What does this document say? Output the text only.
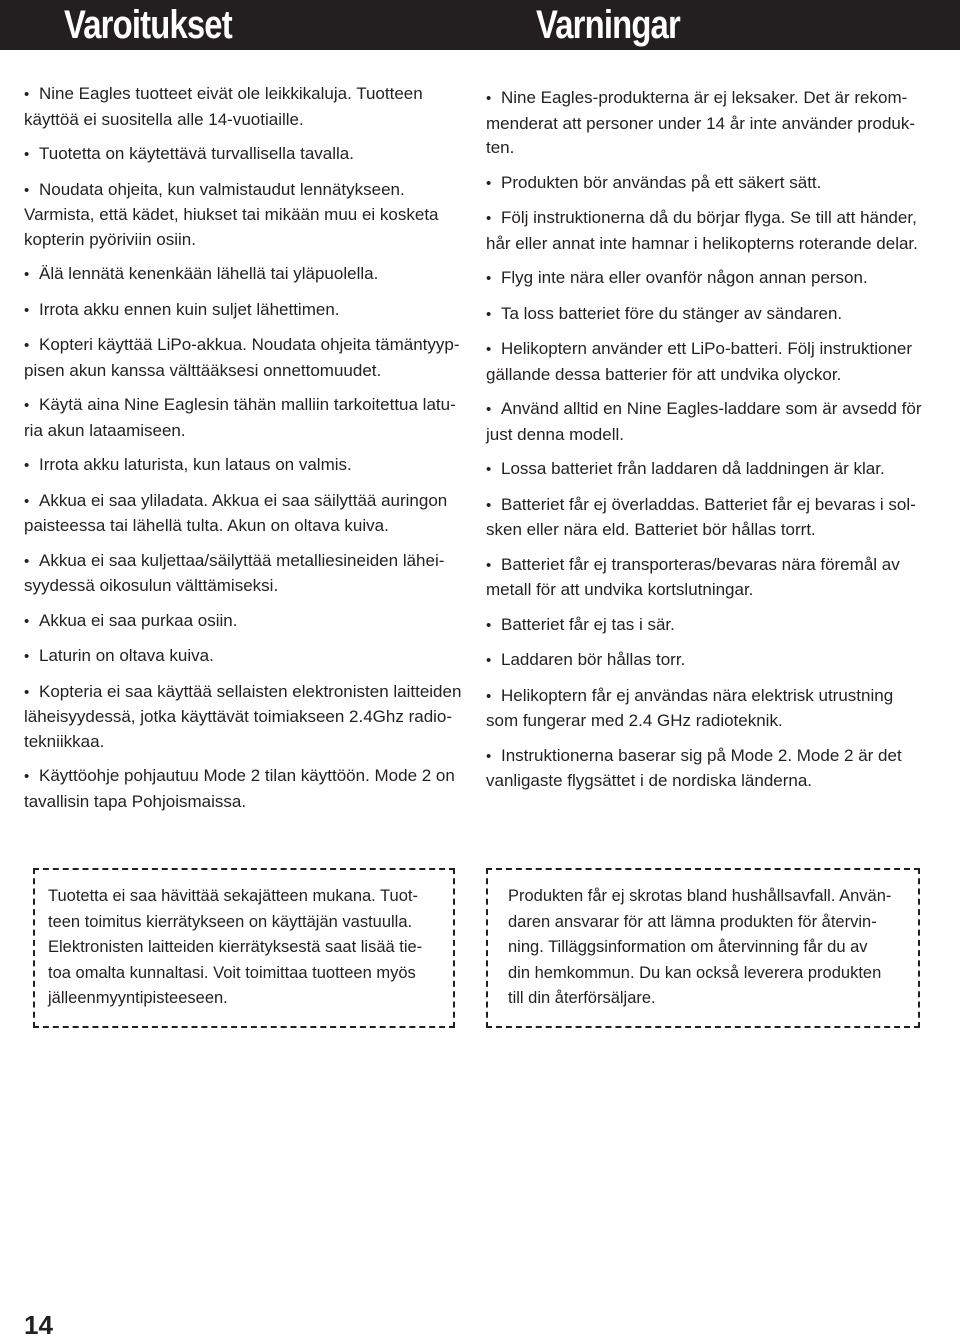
Varoitukset	Varningar
• Nine Eagles tuotteet eivät ole leikkikaluja. Tuotteen
käyttöä ei suositella alle 14-vuotiaille.
• Tuotetta on käytettävä turvallisella tavalla.
• Noudata ohjeita, kun valmistaudut lennätykseen.
Varmista, että kädet, hiukset tai mikään muu ei kosketa
kopterin pyöriviin osiin.
• Älä lennätä kenenkään lähellä tai yläpuolella.
• Irrota akku ennen kuin suljet lähettimen.
• Kopteri käyttää LiPo-akkua. Noudata ohjeita tämäntyyp-
pisen akun kanssa välttääksesi onnettomuudet.
• Käytä aina Nine Eaglesin tähän malliin tarkoitettua latu-
ria akun lataamiseen.
• Irrota akku laturista, kun lataus on valmis.
• Akkua ei saa yliladata. Akkua ei saa säilyttää auringon
paisteessa tai lähellä tulta. Akun on oltava kuiva.
• Akkua ei saa kuljettaa/säilyttää metalliesineiden lähei-
syydessä oikosulun välttämiseksi.
• Akkua ei saa purkaa osiin.
• Laturin on oltava kuiva.
• Kopteria ei saa käyttää sellaisten elektronisten laitteiden
läheisyydessä, jotka käyttävät toimiakseen 2.4Ghz radio-
tekniikkaa.
• Käyttöohje pohjautuu Mode 2 tilan käyttöön. Mode 2 on
tavallisin tapa Pohjoismaissa.
• Nine Eagles-produkterna är ej leksaker. Det är rekom-
menderat att personer under 14 år inte använder produk-
ten.
• Produkten bör användas på ett säkert sätt.
• Följ instruktionerna då du börjar flyga. Se till att händer,
hår eller annat inte hamnar i helikopterns roterande delar.
• Flyg inte nära eller ovanför någon annan person.
• Ta loss batteriet före du stänger av sändaren.
• Helikoptern använder ett LiPo-batteri. Följ instruktioner
gällande dessa batterier för att undvika olyckor.
• Använd alltid en Nine Eagles-laddare som är avsedd för
just denna modell.
• Lossa batteriet från laddaren då laddningen är klar.
• Batteriet får ej överladdas. Batteriet får ej bevaras i sol-
sken eller nära eld. Batteriet bör hållas torrt.
• Batteriet får ej transporteras/bevaras nära föremål av
metall för att undvika kortslutningar.
• Batteriet får ej tas i sär.
• Laddaren bör hållas torr.
• Helikoptern får ej användas nära elektrisk utrustning
som fungerar med 2.4 GHz radioteknik.
• Instruktionerna baserar sig på Mode 2. Mode 2 är det
vanligaste flygsättet i de nordiska länderna.
Tuotetta ei saa hävittää sekajätteen mukana. Tuot-
teen toimitus kierrätykseen on käyttäjän vastuulla.
Elektronisten laitteiden kierrätyksestä saat lisää tie-
toa omalta kunnaltasi. Voit toimittaa tuotteen myös
jälleenmyyntipisteeseen.
Produkten får ej skrotas bland hushållsavfall. Använ-
daren ansvarar för att lämna produkten för återvin-
ning. Tilläggsinformation om återvinning får du av
din hemkommun. Du kan också leverera produkten
till din återförsäljare.
14
